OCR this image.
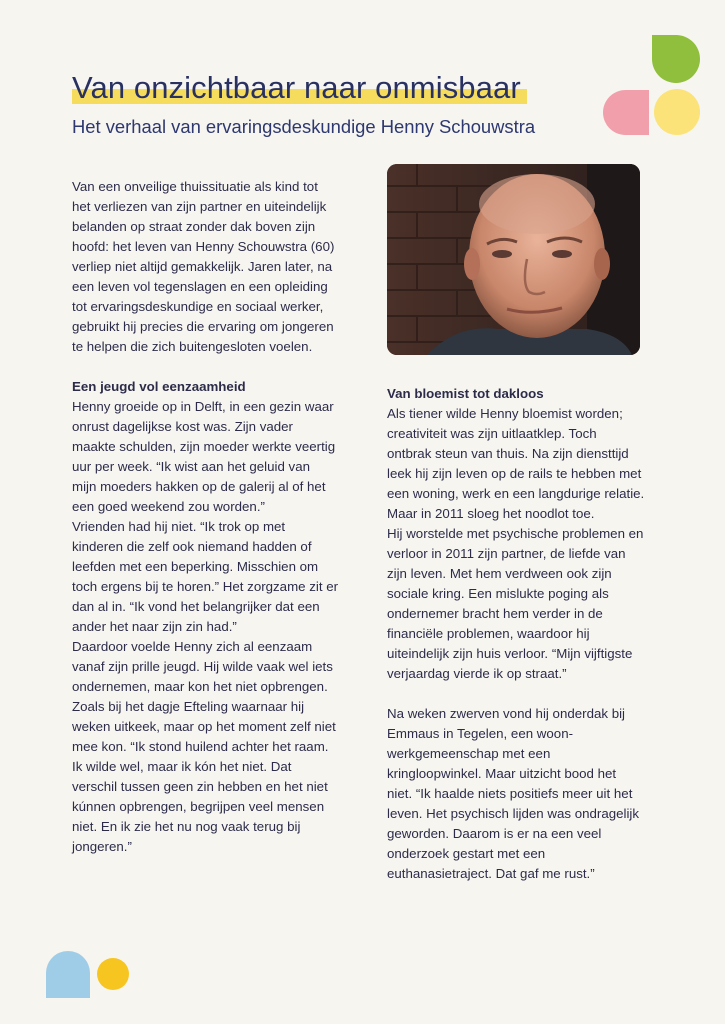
Van onzichtbaar naar onmisbaar
Het verhaal van ervaringsdeskundige Henny Schouwstra

Van een onveilige thuissituatie als kind tot

het verliezen van zijn partner en uiteindelijk

belanden op straat zonder dak boven zijn

hoofd: het leven van Henny Schouwstra (60)

verliep niet altijd gemakkelijk. Jaren later, na

een leven vol tegenslagen en een opleiding

tot ervaringsdeskundige en sociaal werker,

gebruikt hij precies die ervaring om jongeren

te helpen die zich buitengesloten voelen.

Een jeugd vol eenzaamheid

Henny groeide op in Delft, in een gezin waar

onrust dagelijkse kost was. Zijn vader

maakte schulden, zijn moeder werkte veertig

uur per week. “Ik wist aan het geluid van

mijn moeders hakken op de galerij al of het

een goed weekend zou worden.”

Vrienden had hij niet. “Ik trok op met

kinderen die zelf ook niemand hadden of

leefden met een beperking. Misschien om

toch ergens bij te horen.” Het zorgzame zit er

dan al in. “Ik vond het belangrijker dat een

ander het naar zijn zin had.”

Daardoor voelde Henny zich al eenzaam

vanaf zijn prille jeugd. Hij wilde vaak wel iets

ondernemen, maar kon het niet opbrengen.

Zoals bij het dagje Efteling waarnaar hij

weken uitkeek, maar op het moment zelf niet

mee kon. “Ik stond huilend achter het raam.

Ik wilde wel, maar ik kón het niet. Dat

verschil tussen geen zin hebben en het niet

kúnnen opbrengen, begrijpen veel mensen

niet. En ik zie het nu nog vaak terug bij

jongeren.”

Van bloemist tot dakloos

Als tiener wilde Henny bloemist worden;

creativiteit was zijn uitlaatklep. Toch

ontbrak steun van thuis. Na zijn diensttijd

leek hij zijn leven op de rails te hebben met

een woning, werk en een langdurige relatie.

Maar in 2011 sloeg het noodlot toe.

Hij worstelde met psychische problemen en

verloor in 2011 zijn partner, de liefde van

zijn leven. Met hem verdween ook zijn

sociale kring. Een mislukte poging als

ondernemer bracht hem verder in de

financiële problemen, waardoor hij

uiteindelijk zijn huis verloor. “Mijn vijftigste

verjaardag vierde ik op straat.”

Na weken zwerven vond hij onderdak bij

Emmaus in Tegelen, een woon-

werkgemeenschap met een

kringloopwinkel. Maar uitzicht bood het

niet. “Ik haalde niets positiefs meer uit het

leven. Het psychisch lijden was ondragelijk

geworden. Daarom is er na een veel

onderzoek gestart met een

euthanasietraject. Dat gaf me rust.”
